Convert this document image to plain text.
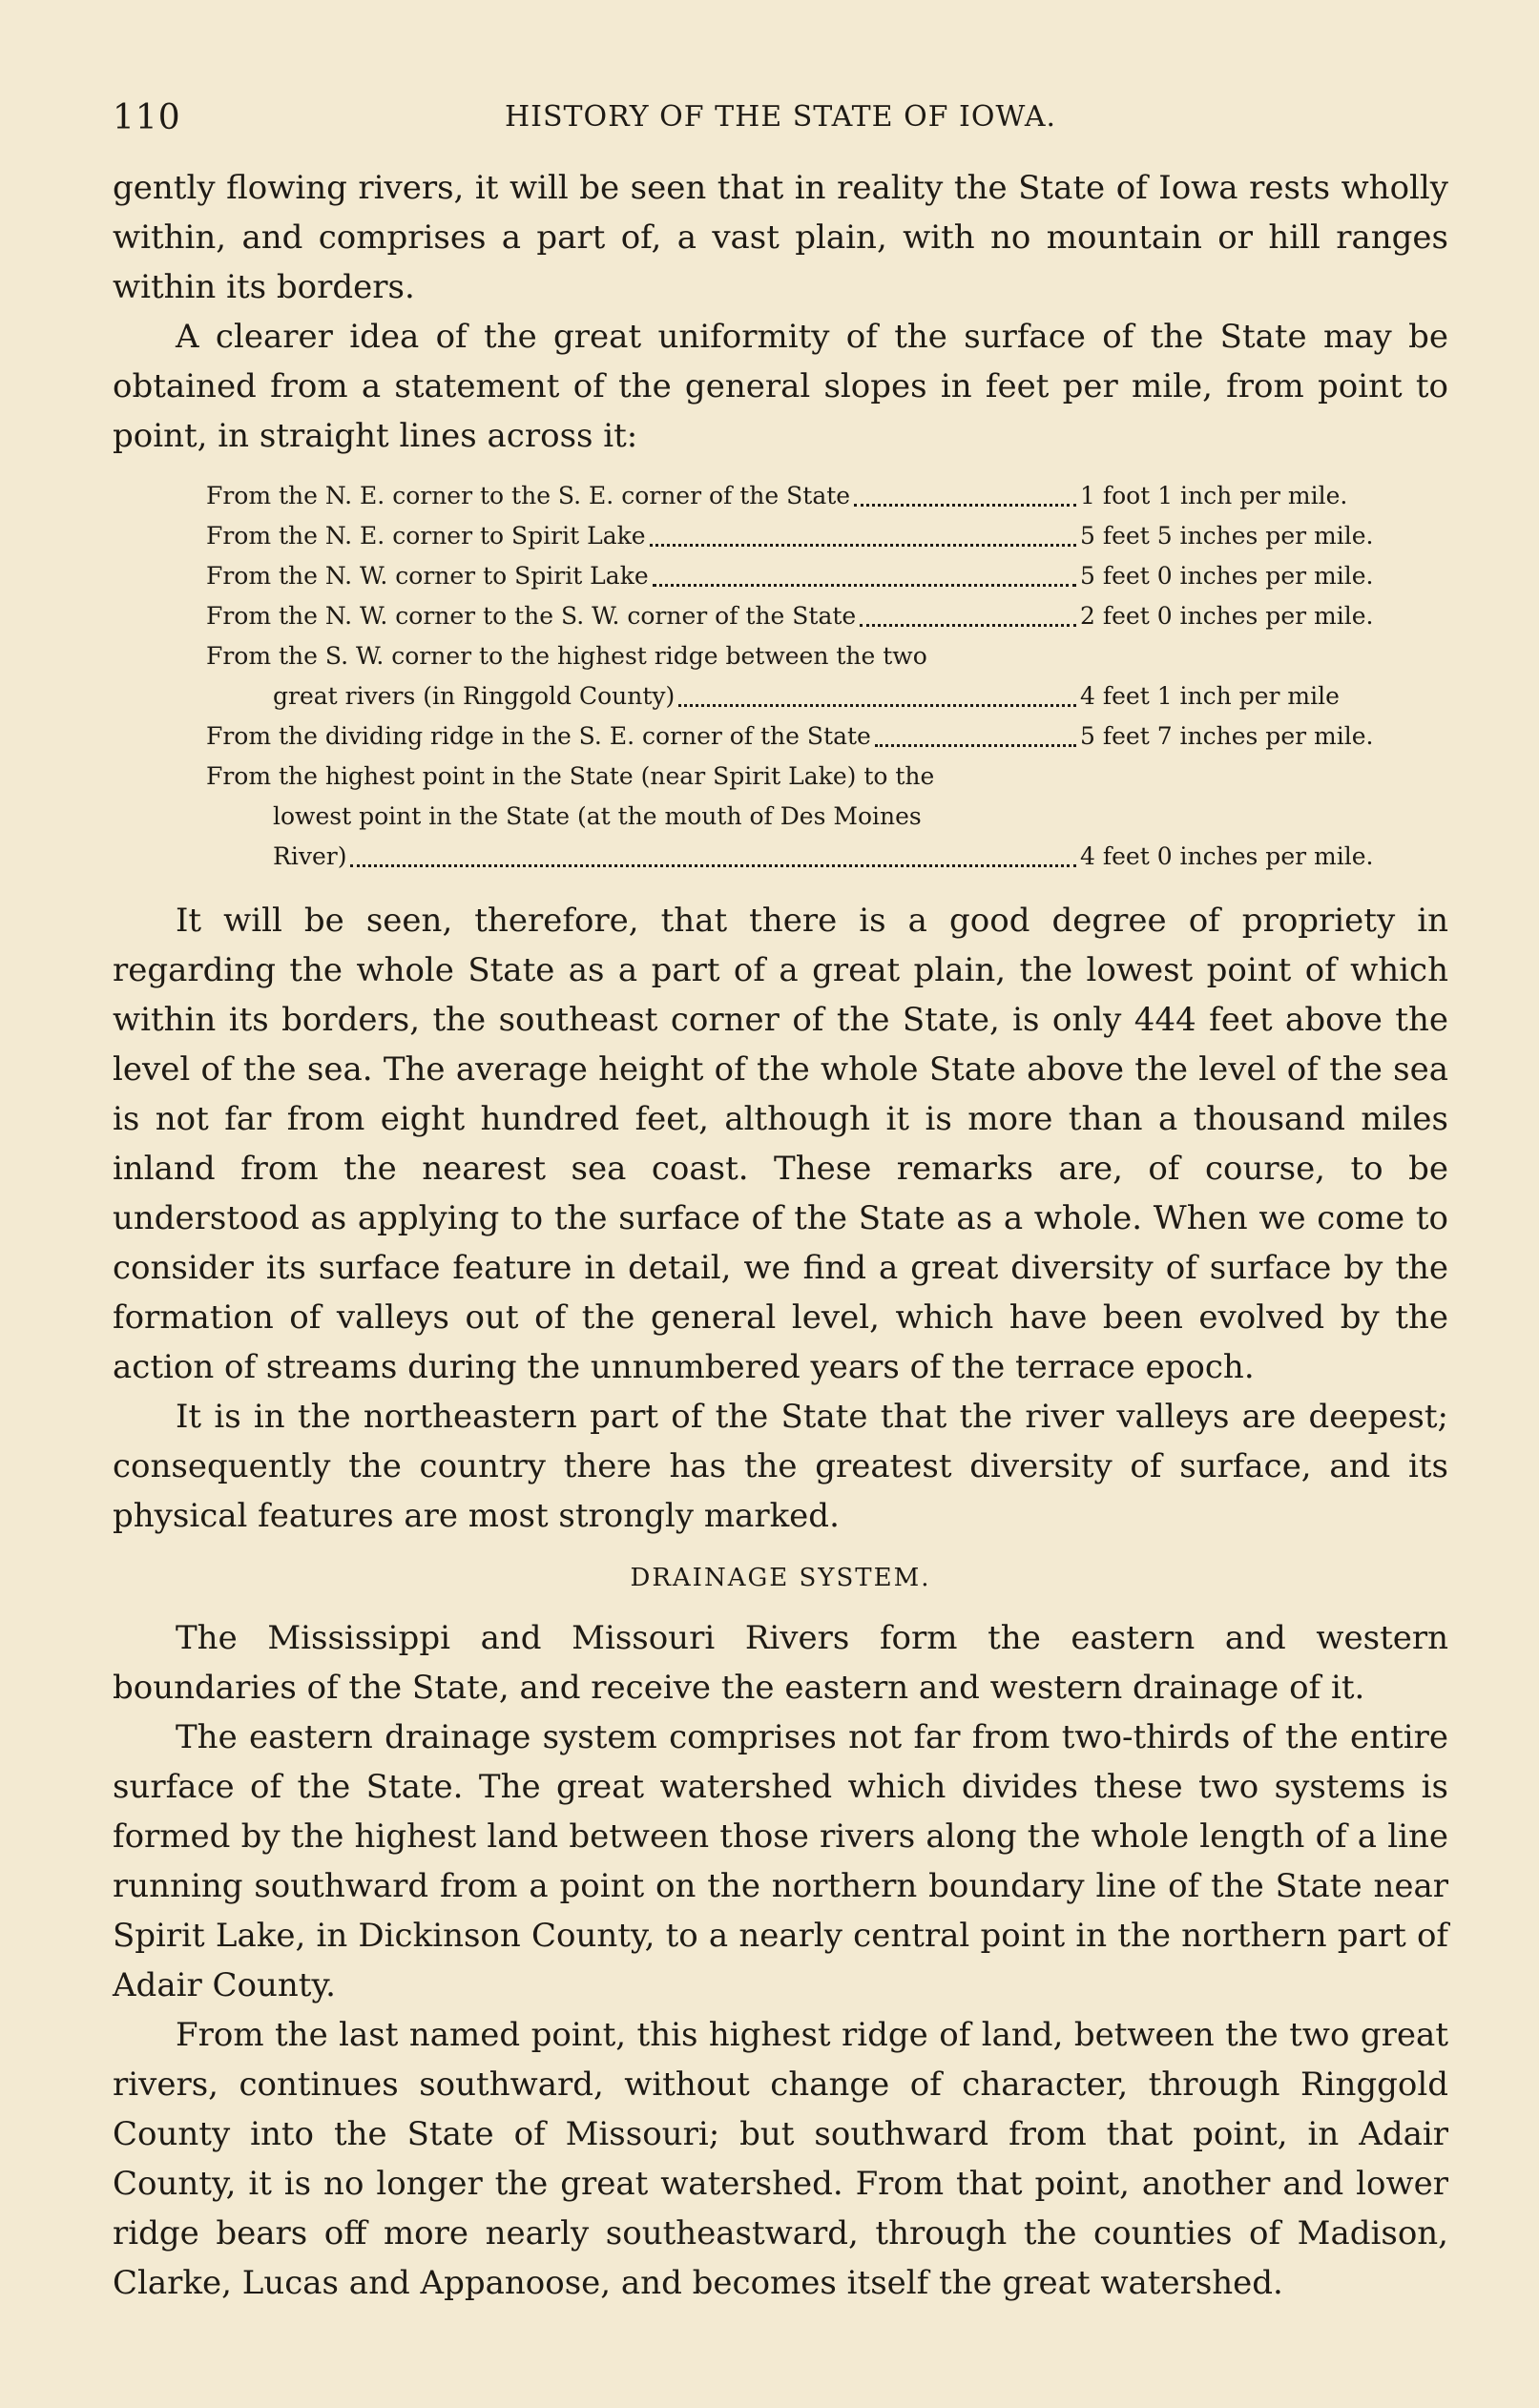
110	HISTORY OF THE STATE OF IOWA.

gently flowing rivers, it will be seen that in reality the State of Iowa rests wholly within, and comprises a part of, a vast plain, with no mountain or hill ranges within its borders.

A clearer idea of the great uniformity of the surface of the State may be obtained from a statement of the general slopes in feet per mile, from point to point, in straight lines across it:

From the N. E. corner to the S. E. corner of the State	1 foot 1 inch per mile.
From the N. E. corner to Spirit Lake	5 feet 5 inches per mile.
From the N. W. corner to Spirit Lake	5 feet 0 inches per mile.
From the N. W. corner to the S. W. corner of the State	2 feet 0 inches per mile.
From the S. W. corner to the highest ridge between the two
great rivers (in Ringgold County)	4 feet 1 inch per mile
From the dividing ridge in the S. E. corner of the State	5 feet 7 inches per mile.
From the highest point in the State (near Spirit Lake) to the
lowest point in the State (at the mouth of Des Moines
River)	4 feet 0 inches per mile.

It will be seen, therefore, that there is a good degree of propriety in regarding the whole State as a part of a great plain, the lowest point of which within its borders, the southeast corner of the State, is only 444 feet above the level of the sea. The average height of the whole State above the level of the sea is not far from eight hundred feet, although it is more than a thousand miles inland from the nearest sea coast. These remarks are, of course, to be understood as applying to the surface of the State as a whole. When we come to consider its surface feature in detail, we find a great diversity of surface by the formation of valleys out of the general level, which have been evolved by the action of streams during the unnumbered years of the terrace epoch.

It is in the northeastern part of the State that the river valleys are deepest; consequently the country there has the greatest diversity of surface, and its physical features are most strongly marked.

DRAINAGE SYSTEM.

The Mississippi and Missouri Rivers form the eastern and western boundaries of the State, and receive the eastern and western drainage of it.

The eastern drainage system comprises not far from two-thirds of the entire surface of the State. The great watershed which divides these two systems is formed by the highest land between those rivers along the whole length of a line running southward from a point on the northern boundary line of the State near Spirit Lake, in Dickinson County, to a nearly central point in the northern part of Adair County.

From the last named point, this highest ridge of land, between the two great rivers, continues southward, without change of character, through Ringgold County into the State of Missouri; but southward from that point, in Adair County, it is no longer the great watershed. From that point, another and lower ridge bears off more nearly southeastward, through the counties of Madison, Clarke, Lucas and Appanoose, and becomes itself the great watershed.
